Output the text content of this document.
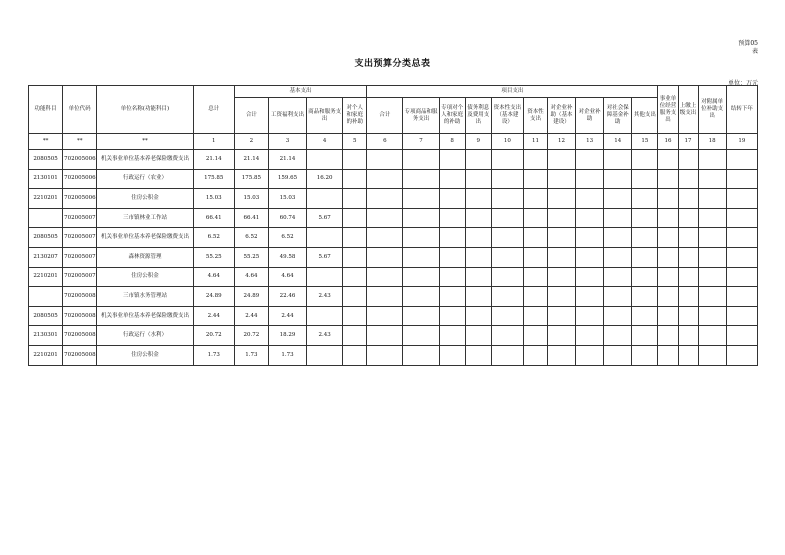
预算05
表
支出预算分类总表
单位：万元
功能科目	单位代码	单位名称(功能科目)	总计	基本支出				项目支出										事业单位经营服务支出	上缴上级支出	对附属单位补助支出	结转下年
				合计	工资福利支出	商品和服务支出	对个人和家庭的补助	合计	专项商品和服务支出	专项对个人和家庭的补助	债务利息及费用支出	资本性支出（基本建设）	资本性支出	对企业补助（基本建设）	对企业补助	对社会保障基金补助	其他支出				
**	**	**	1	2	3	4	5	6	7	8	9	10	11	12	13	14	15	16	17	18	19
2080505	702005006	机关事业单位基本养老保险缴费支出	21.14	21.14	21.14																
2130101	702005006	行政运行（农业）	175.85	175.85	159.65	16.20															
2210201	702005006	住房公积金	15.03	15.03	15.03																
	702005007	三市镇林业工作站	66.41	66.41	60.74	5.67															
2080505	702005007	机关事业单位基本养老保险缴费支出	6.52	6.52	6.52																
2130207	702005007	森林资源管理	55.25	55.25	49.58	5.67															
2210201	702005007	住房公积金	4.64	4.64	4.64																
	702005008	三市镇水务管理站	24.89	24.89	22.46	2.43															
2080505	702005008	机关事业单位基本养老保险缴费支出	2.44	2.44	2.44																
2130301	702005008	行政运行（水利）	20.72	20.72	18.29	2.43															
2210201	702005008	住房公积金	1.73	1.73	1.73																
